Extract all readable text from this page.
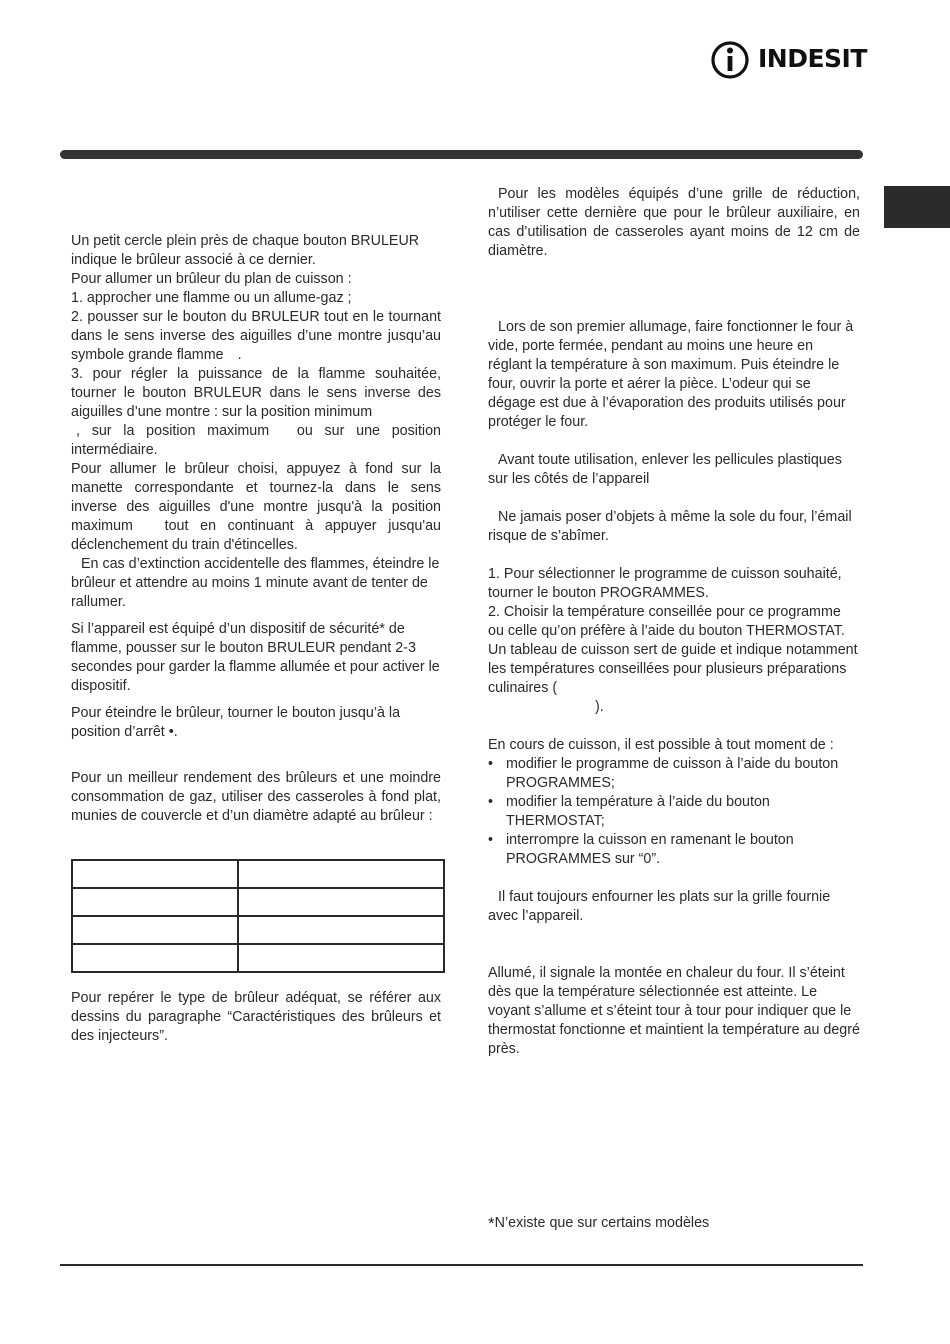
INDESIT

Un petit cercle plein près de chaque bouton BRULEUR indique le brûleur associé à ce dernier.

Pour allumer un brûleur du plan de cuisson :

1. approcher une flamme ou un allume-gaz ;

2. pousser sur le bouton du BRULEUR tout en le tournant dans le sens inverse des aiguilles d’une montre jusqu’au symbole grande flamme .

3. pour régler la puissance de la flamme souhaitée, tourner le bouton BRULEUR dans le sens inverse des aiguilles d’une montre : sur la position minimum
, sur la position maximum ou sur une position intermédiaire.

Pour allumer le brûleur choisi, appuyez à fond sur la manette correspondante et tournez-la dans le sens inverse des aiguilles d'une montre jusqu'à la position maximum tout en continuant à appuyer jusqu'au déclenchement du train d'étincelles.

En cas d’extinction accidentelle des flammes, éteindre le brûleur et attendre au moins 1 minute avant de tenter de rallumer.

Si l’appareil est équipé d’un dispositif de sécurité* de flamme, pousser sur le bouton BRULEUR pendant 2-3 secondes pour garder la flamme allumée et pour activer le dispositif.

Pour éteindre le brûleur, tourner le bouton jusqu’à la position d’arrêt •.

Pour un meilleur rendement des brûleurs et une moindre consommation de gaz, utiliser des casseroles à fond plat, munies de couvercle et d’un diamètre adapté au brûleur :

Pour repérer le type de brûleur adéquat, se référer aux dessins du paragraphe “Caractéristiques des brûleurs et des injecteurs”.

Pour les modèles équipés d’une grille de réduction, n’utiliser cette dernière que pour le brûleur auxiliaire, en cas d’utilisation de casseroles ayant moins de 12 cm de diamètre.

Lors de son premier allumage, faire fonctionner le four à vide, porte fermée, pendant au moins une heure en réglant la température à son maximum. Puis éteindre le four, ouvrir la porte et aérer la pièce. L’odeur qui se dégage est due à l’évaporation des produits utilisés pour protéger le four.

Avant toute utilisation, enlever les pellicules plastiques sur les côtés de l’appareil

Ne jamais poser d’objets à même la sole du four, l’émail risque de s’abîmer.

1. Pour sélectionner le programme de cuisson souhaité, tourner le bouton PROGRAMMES.

2. Choisir la température conseillée pour ce programme ou celle qu’on préfère à l’aide du bouton THERMOSTAT.

Un tableau de cuisson sert de guide et indique notamment les températures conseillées pour plusieurs préparations culinaires (
).

En cours de cuisson, il est possible à tout moment de :

• modifier le programme de cuisson à l’aide du bouton PROGRAMMES;
• modifier la température à l’aide du bouton THERMOSTAT;
• interrompre la cuisson en ramenant le bouton PROGRAMMES sur “0”.

Il faut toujours enfourner les plats sur la grille fournie avec l’appareil.

Allumé, il signale la montée en chaleur du four. Il s’éteint dès que la température sélectionnée est atteinte. Le voyant s’allume et s’éteint tour à tour pour indiquer que le thermostat fonctionne et maintient la température au degré près.

*N’existe que sur certains modèles
